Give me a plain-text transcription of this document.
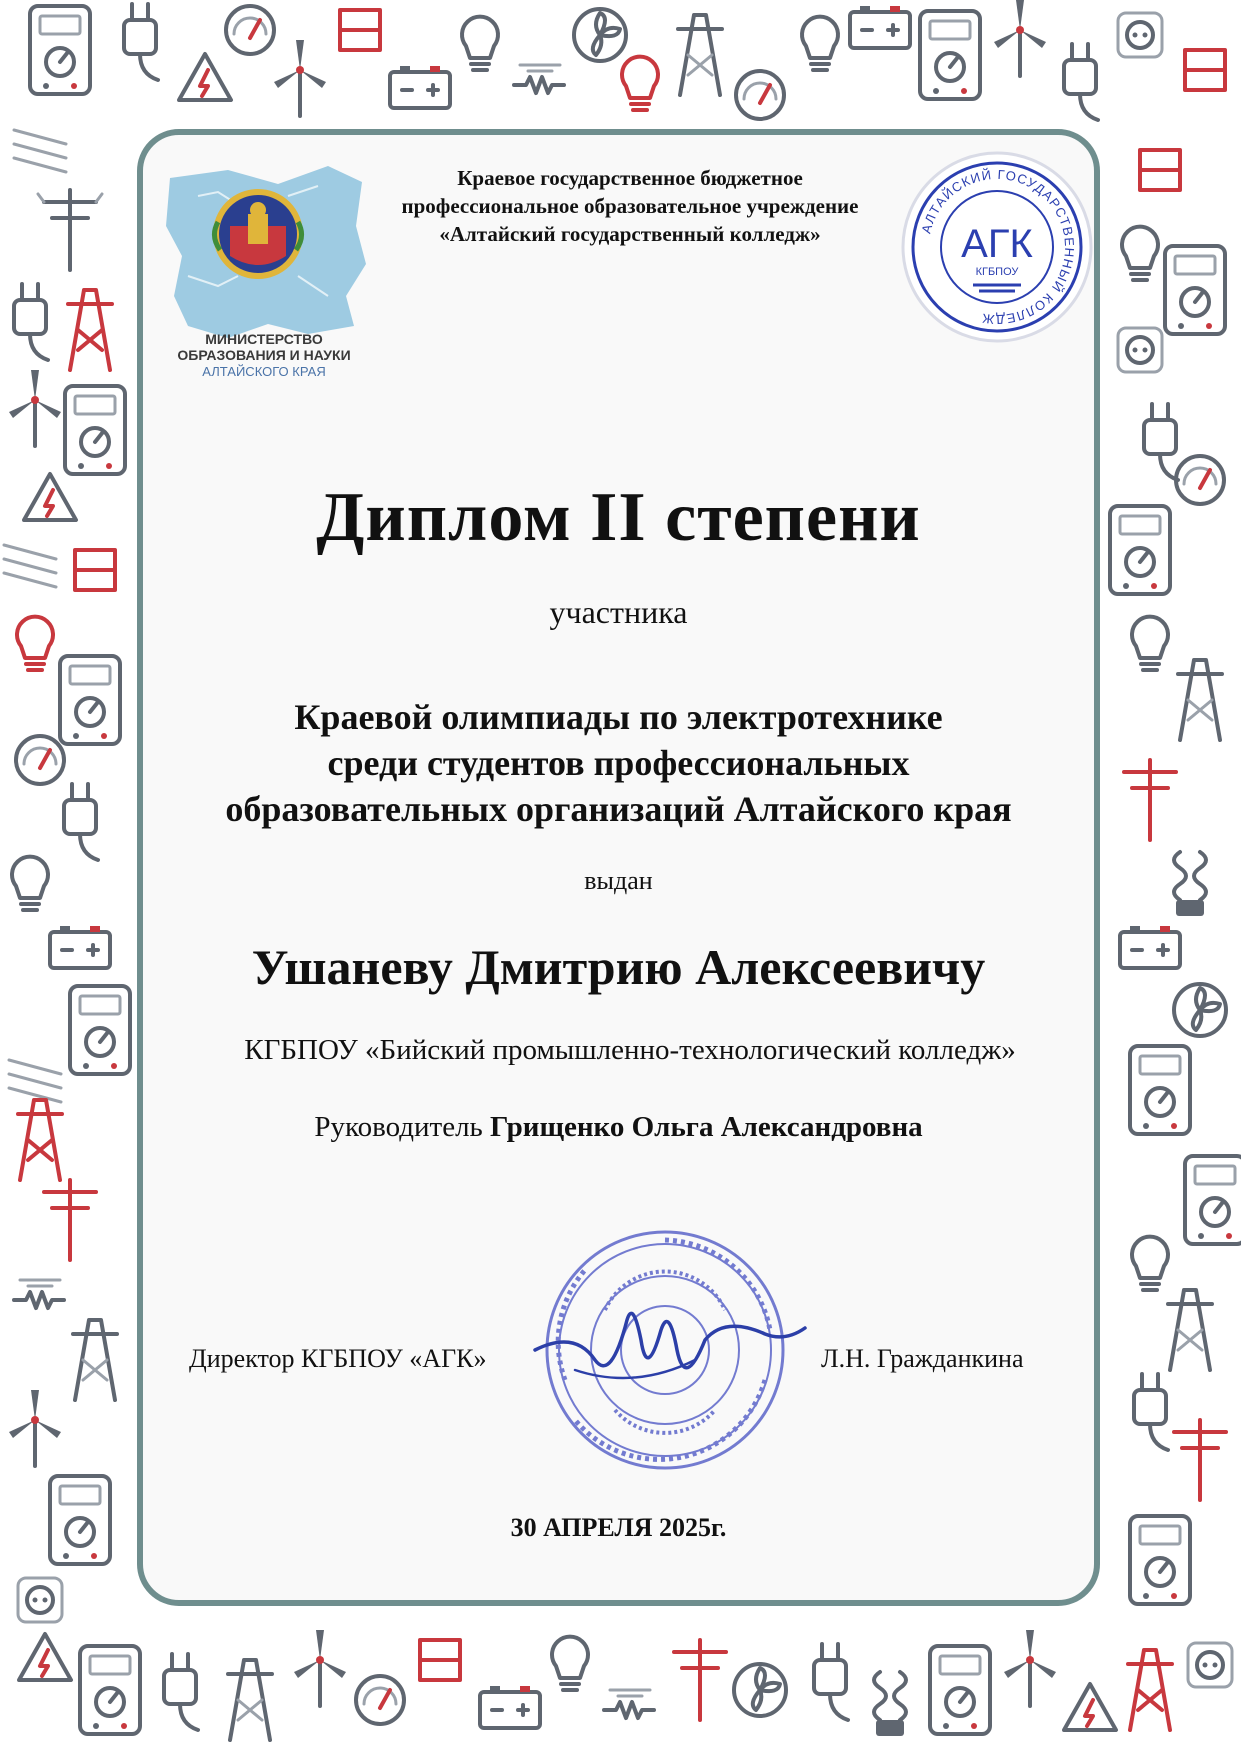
МИНИСТЕРСТВО
ОБРАЗОВАНИЯ И НАУКИ
АЛТАЙСКОГО КРАЯ
Краевое государственное бюджетное
профессиональное образовательное учреждение
«Алтайский государственный колледж»	АЛТАЙСКИЙ ГОСУДАРСТВЕННЫЙ КОЛЛЕДЖ
АГК
КГБПОУ
Диплом II степени
участника
Краевой олимпиады по электротехнике
среди студентов профессиональных
образовательных организаций Алтайского края
выдан
Ушаневу Дмитрию Алексеевичу
КГБПОУ «Бийский промышленно-технологический колледж»
Руководитель Грищенко Ольга Александровна
Директор КГБПОУ «АГК»	Л.Н. Гражданкина
30 АПРЕЛЯ 2025г.
